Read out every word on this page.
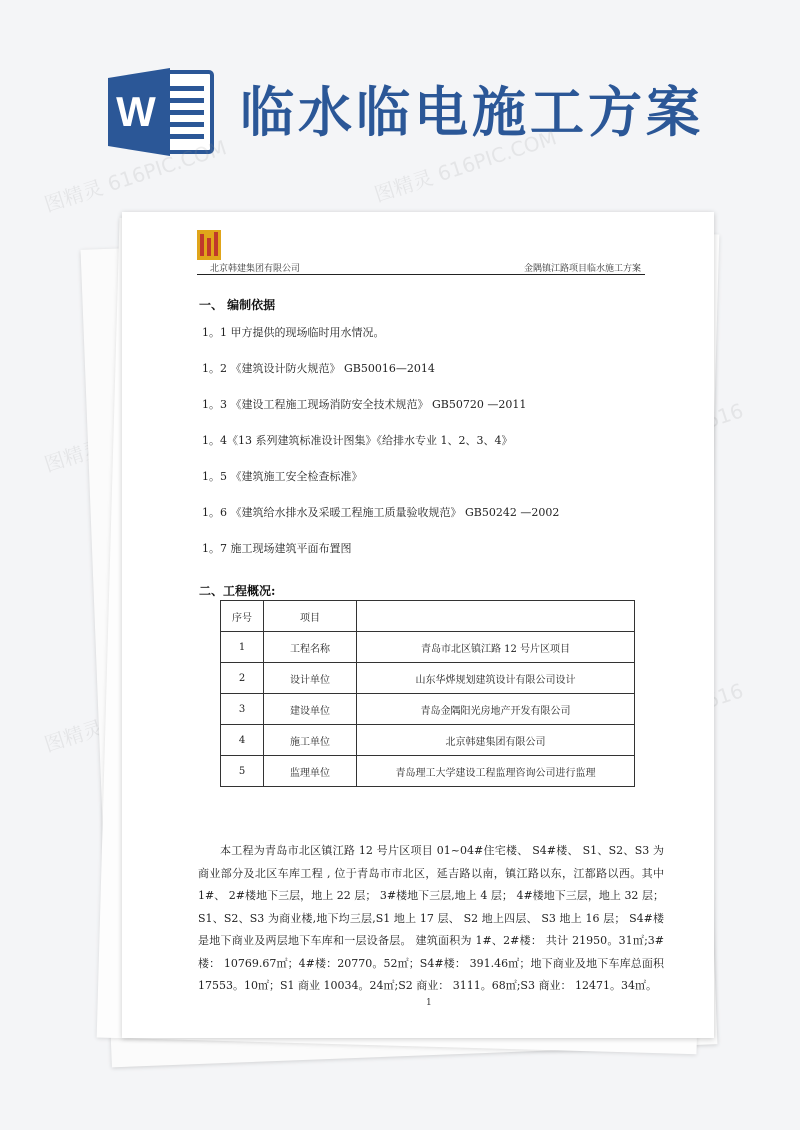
W 临水临电施工方案
图精灵 616PIC.COM	图精灵 616PIC.COM
616
图精灵
图精灵
616
北京韩建集团有限公司	金隅镇江路项目临水施工方案
一、 编制依据
1。1 甲方提供的现场临时用水情况。
1。2 《建筑设计防火规范》 GB50016—2014
1。3 《建设工程施工现场消防安全技术规范》 GB50720 —2011
1。4《13 系列建筑标准设计图集》《给排水专业 1、2、3、4》
1。5 《建筑施工安全检查标准》
1。6 《建筑给水排水及采暖工程施工质量验收规范》 GB50242 —2002
1。7 施工现场建筑平面布置图
二、工程概况:
序号	项目	
1	工程名称	青岛市北区镇江路 12 号片区项目
2	设计单位	山东华烨规划建筑设计有限公司设计
3	建设单位	青岛金隅阳光房地产开发有限公司
4	施工单位	北京韩建集团有限公司
5	监理单位	青岛理工大学建设工程监理咨询公司进行监理

本工程为青岛市北区镇江路 12 号片区项目 01~04#住宅楼、 S4#楼、 S1、S2、S3 为商业部分及北区车库工程 , 位于青岛市市北区，延吉路以南，镇江路以东，江都路以西。其中 1#、 2#楼地下三层，地上 22 层； 3#楼地下三层,地上 4 层； 4#楼地下三层，地上 32 层； S1、S2、S3 为商业楼,地下均三层,S1 地上 17 层、 S2 地上四层、 S3 地上 16 层； S4#楼是地下商业及两层地下车库和一层设备层。 建筑面积为 1#、2#楼： 共计 21950。31㎡;3#楼： 10769.67㎡；4#楼：20770。52㎡；S4#楼： 391.46㎡；地下商业及地下车库总面积 17553。10㎡；S1 商业 10034。24㎡;S2 商业： 3111。68㎡;S3 商业： 12471。34㎡。

1
